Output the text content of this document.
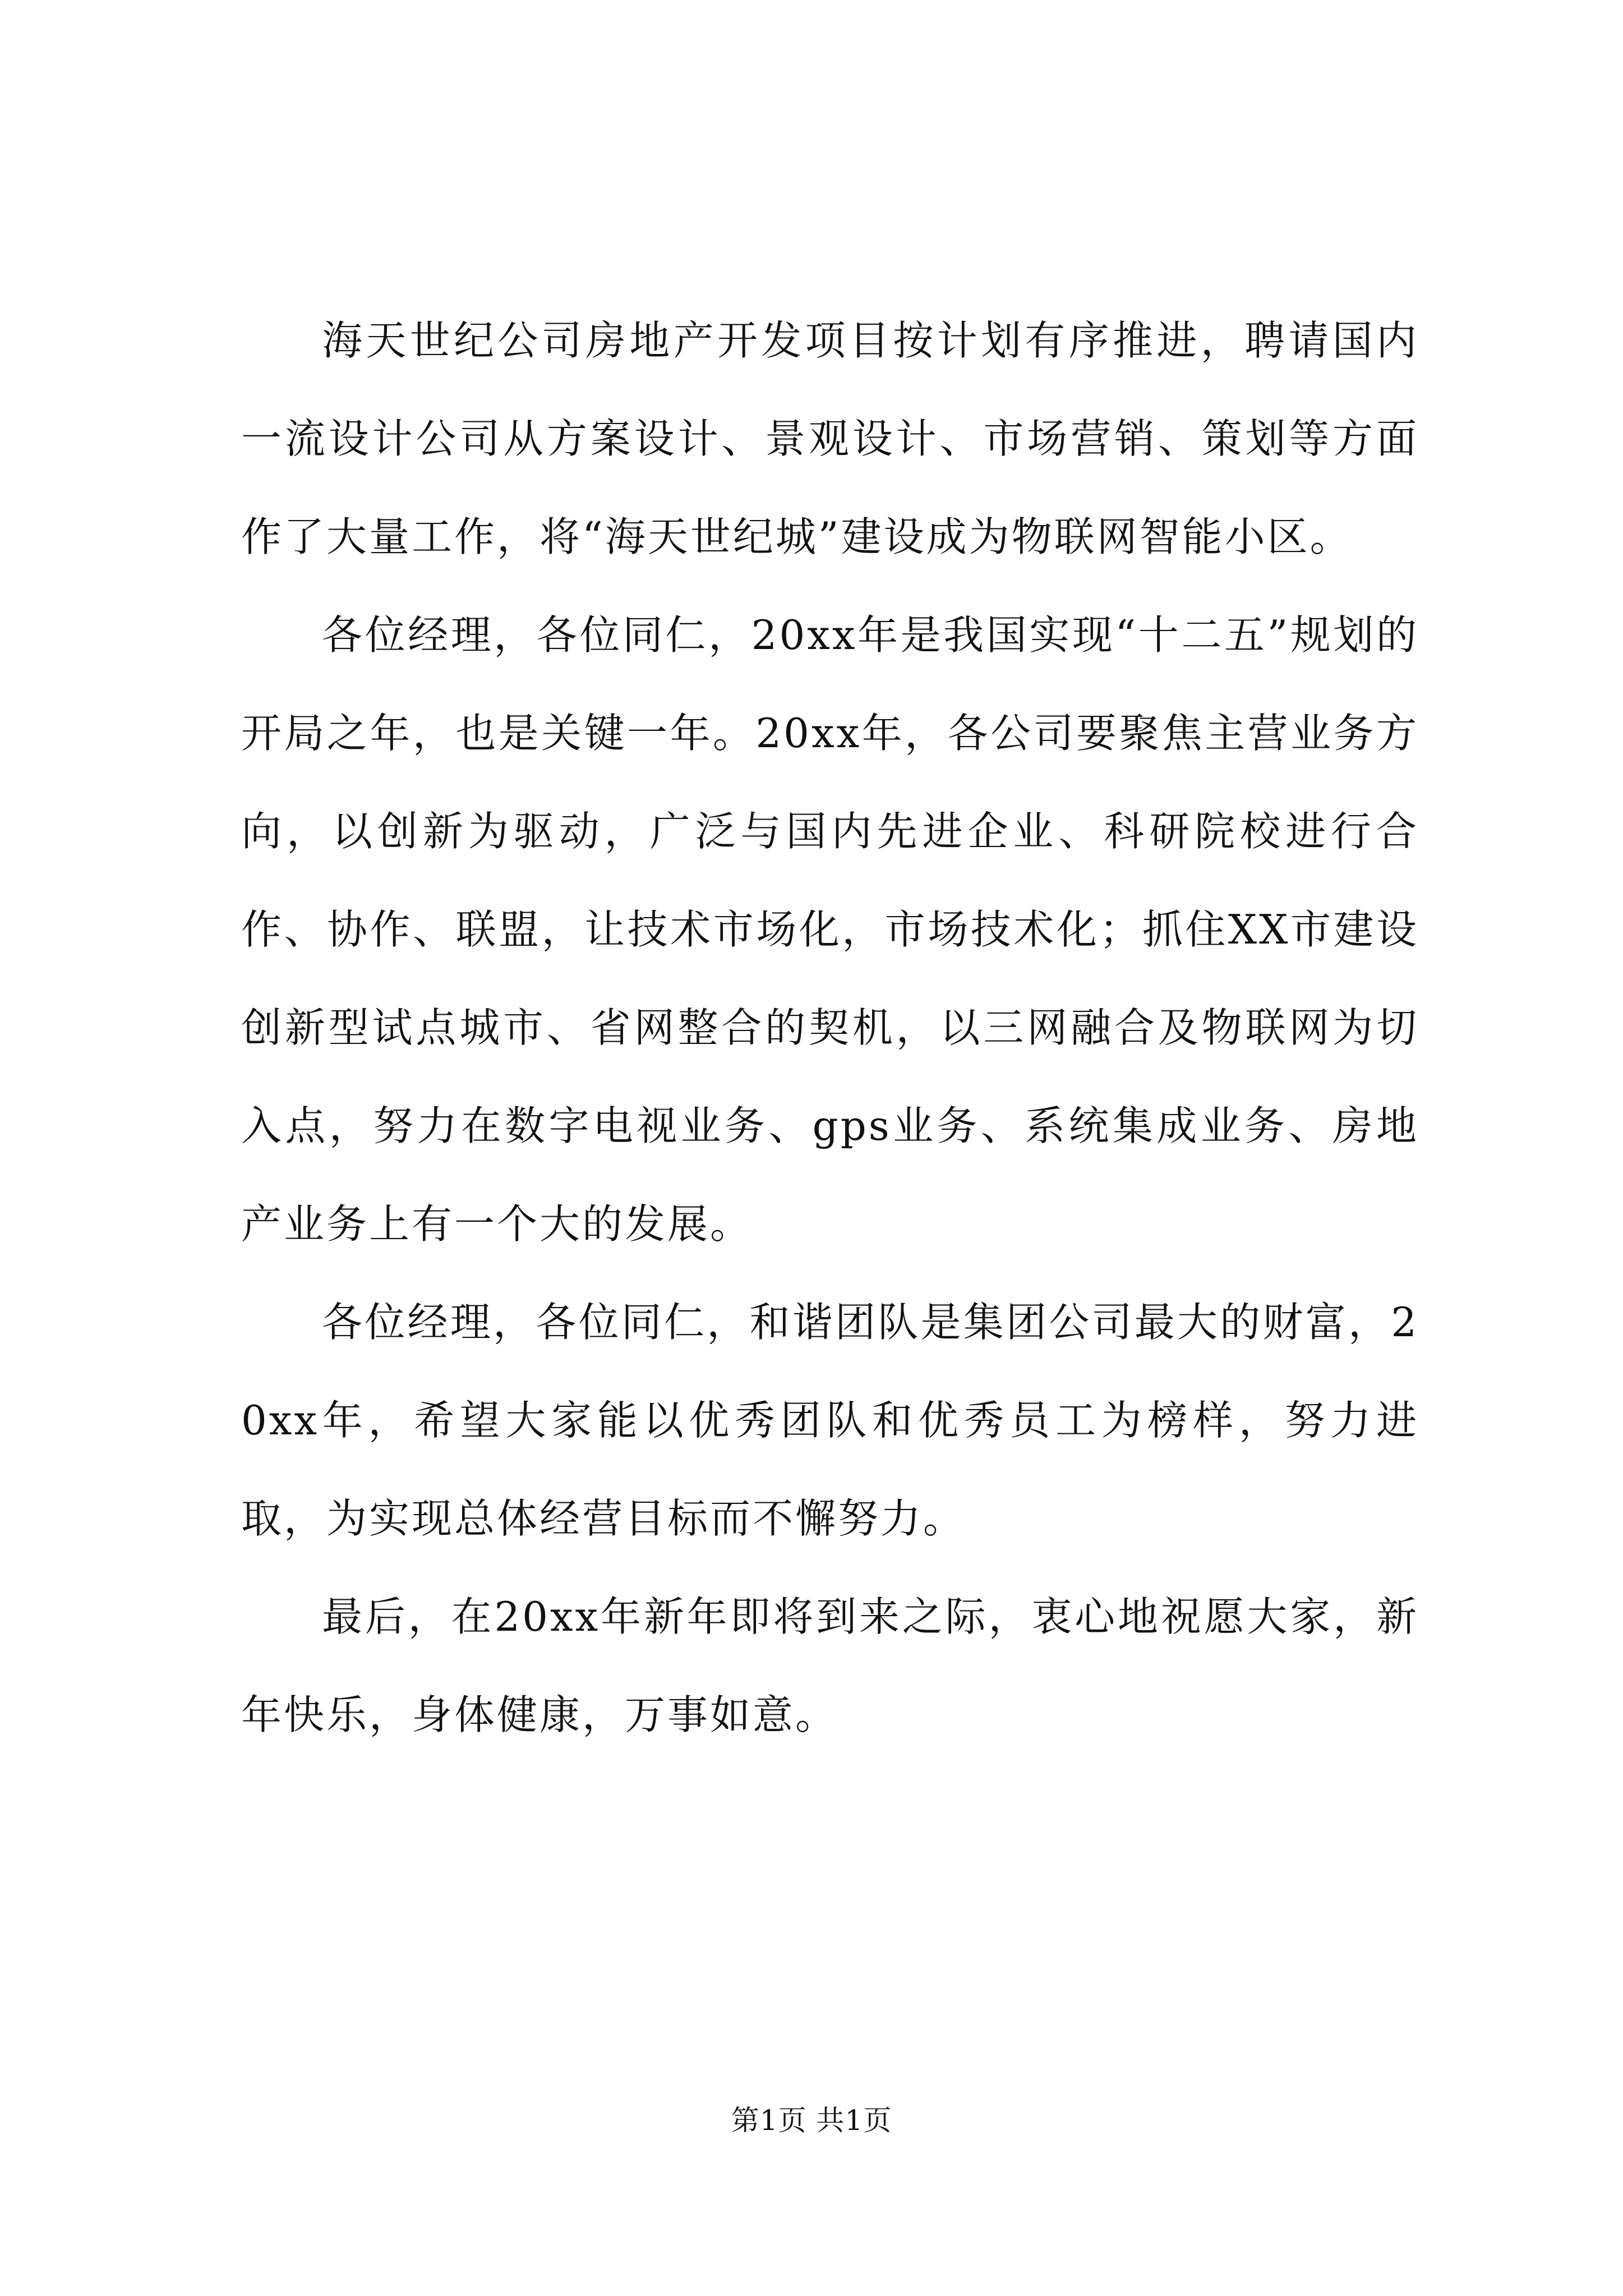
海天世纪公司房地产开发项目按计划有序推进，聘请国内一流设计公司从方案设计、景观设计、市场营销、策划等方面作了大量工作，将“海天世纪城”建设成为物联网智能小区。

各位经理，各位同仁，20xx年是我国实现“十二五”规划的开局之年，也是关键一年。20xx年，各公司要聚焦主营业务方向，以创新为驱动，广泛与国内先进企业、科研院校进行合作、协作、联盟，让技术市场化，市场技术化；抓住XX市建设创新型试点城市、省网整合的契机，以三网融合及物联网为切入点，努力在数字电视业务、gps业务、系统集成业务、房地产业务上有一个大的发展。

各位经理，各位同仁，和谐团队是集团公司最大的财富，20xx年，希望大家能以优秀团队和优秀员工为榜样，努力进取，为实现总体经营目标而不懈努力。

最后，在20xx年新年即将到来之际，衷心地祝愿大家，新年快乐，身体健康，万事如意。

第1页 共1页
